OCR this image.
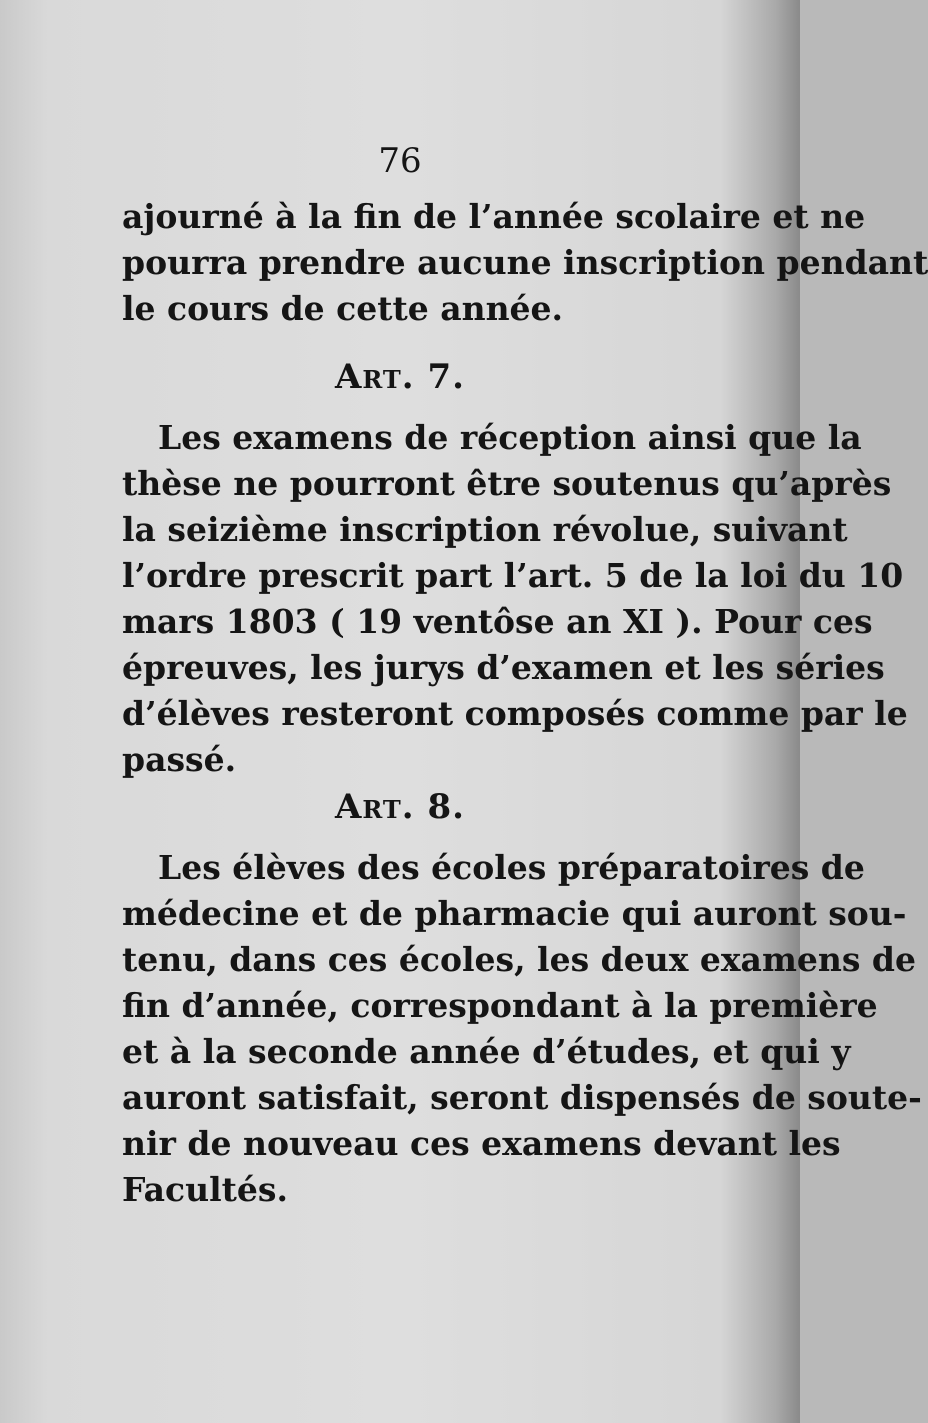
76
ajourné à la fin de l’année scolaire et ne
pourra prendre aucune inscription pendant
le cours de cette année.
Art. 7.
Les examens de réception ainsi que la
thèse ne pourront être soutenus qu’après
la seizième inscription révolue, suivant
l’ordre prescrit part l’art. 5 de la loi du 10
mars 1803 ( 19 ventôse an XI ). Pour ces
épreuves, les jurys d’examen et les séries
d’élèves resteront composés comme par le
passé.
Art. 8.
Les élèves des écoles préparatoires de
médecine et de pharmacie qui auront sou-
tenu, dans ces écoles, les deux examens de
fin d’année, correspondant à la première
et à la seconde année d’études, et qui y
auront satisfait, seront dispensés de soute-
nir de nouveau ces examens devant les
Facultés.
